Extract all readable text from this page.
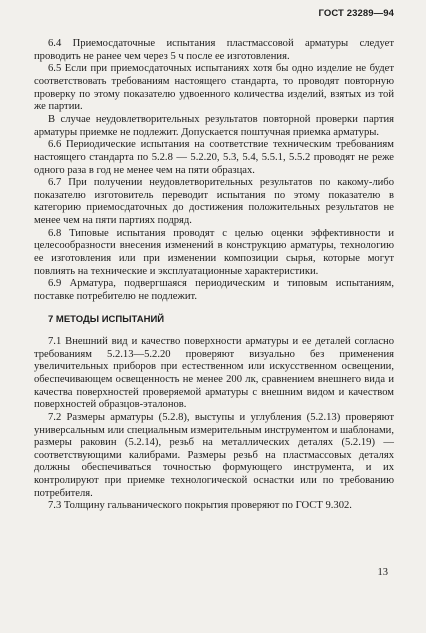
ГОСТ 23289—94

6.4 Приемосдаточные испытания пластмассовой арматуры следует проводить не ранее чем через 5 ч после ее изготовления.

6.5 Если при приемосдаточных испытаниях хотя бы одно изделие не будет соответствовать требованиям настоящего стандарта, то проводят повторную проверку по этому показателю удвоенного количества изделий, взятых из той же партии.

В случае неудовлетворительных результатов повторной проверки партия арматуры приемке не подлежит. Допускается поштучная приемка арматуры.

6.6 Периодические испытания на соответствие техническим требованиям настоящего стандарта по 5.2.8 — 5.2.20, 5.3, 5.4, 5.5.1, 5.5.2 проводят не реже одного раза в год не менее чем на пяти образцах.

6.7 При получении неудовлетворительных результатов по какому-либо показателю изготовитель переводит испытания по этому показателю в категорию приемосдаточных до достижения положительных результатов не менее чем на пяти партиях подряд.

6.8 Типовые испытания проводят с целью оценки эффективности и целесообразности внесения изменений в конструкцию арматуры, технологию ее изготовления или при изменении композиции сырья, которые могут повлиять на технические и эксплуатационные характеристики.

6.9 Арматура, подвергшаяся периодическим и типовым испытаниям, поставке потребителю не подлежит.

7 МЕТОДЫ ИСПЫТАНИЙ

7.1 Внешний вид и качество поверхности арматуры и ее деталей согласно требованиям 5.2.13—5.2.20 проверяют визуально без применения увеличительных приборов при естественном или искусственном освещении, обеспечивающем освещенность не менее 200 лк, сравнением внешнего вида и качества поверхностей проверяемой арматуры с внешним видом и качеством поверхностей образцов-эталонов.

7.2 Размеры арматуры (5.2.8), выступы и углубления (5.2.13) проверяют универсальным или специальным измерительным инструментом и шаблонами, размеры раковин (5.2.14), резьб на металлических деталях (5.2.19) — соответствующими калибрами. Размеры резьб на пластмассовых деталях должны обеспечиваться точностью формующего инструмента, и их контролируют при приемке технологической оснастки или по требованию потребителя.

7.3 Толщину гальванического покрытия проверяют по ГОСТ 9.302.

13
